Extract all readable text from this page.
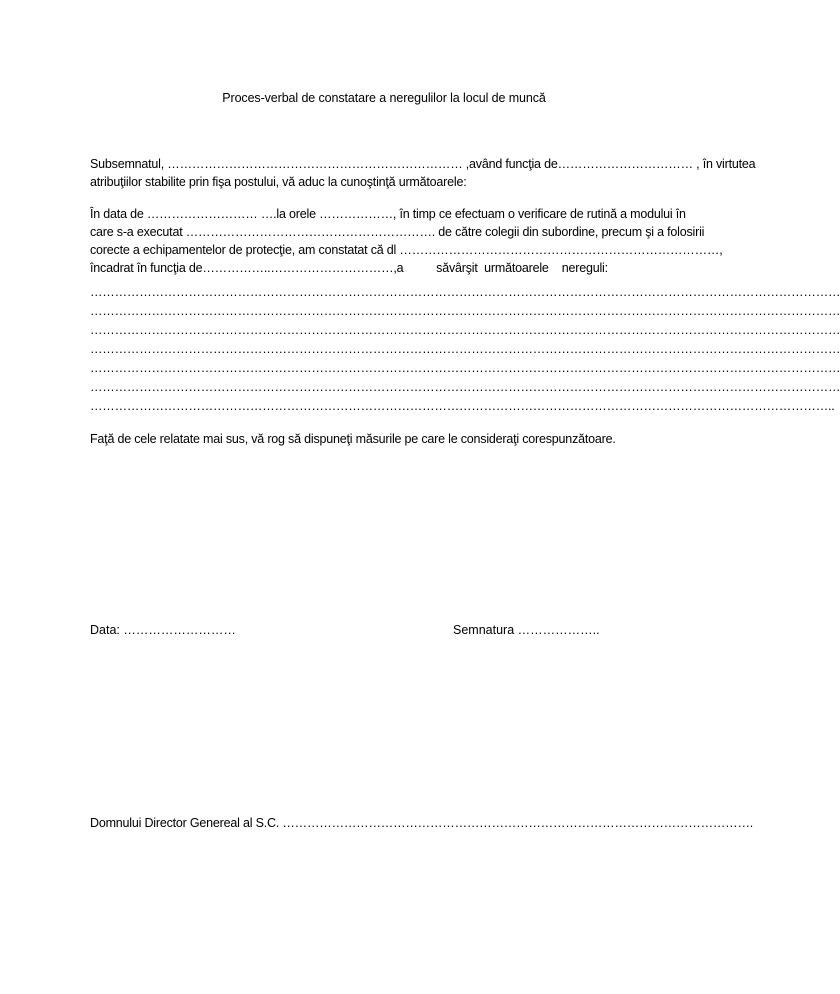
Proces-verbal de constatare a neregulilor la locul de muncă
Subsemnatul, ……………………………………………………………… ,având funcţia de…………………………… , în virtutea
atribuţiilor stabilite prin fişa postului, vă aduc la cunoştinţă următoarele:
În data de ……………………… ….la orele ………………, în timp ce efectuam o verificare de rutină a modului în
care s-a executat ……………………………………………………. de către colegii din subordine, precum şi a folosirii
corecte a echipamentelor de protecţie, am constatat că dl ……………………………………………………………………,
încadrat în funcţia de……………..…………………………,a          săvârşit  următoarele    nereguli:
…………………………………………………………………………………………………………………………………………………………………
…………………………………………………………………………………………………………………………………………………………………
…………………………………………………………………………………………………………………………………………………………………
…………………………………………………………………………………………………………………………………………………………………
…………………………………………………………………………………………………………………………………………………………………
…………………………………………………………………………………………………………………………………………………………………
………………………………………………………………………………………………………………………………………………………………..
Faţă de cele relatate mai sus, vă rog să dispuneţi măsurile pe care le consideraţi corespunzătoare.
Data: ………………………	Semnatura ………………..
Domnului Director Genereal al S.C. …………………………………………………………………………………………………….
